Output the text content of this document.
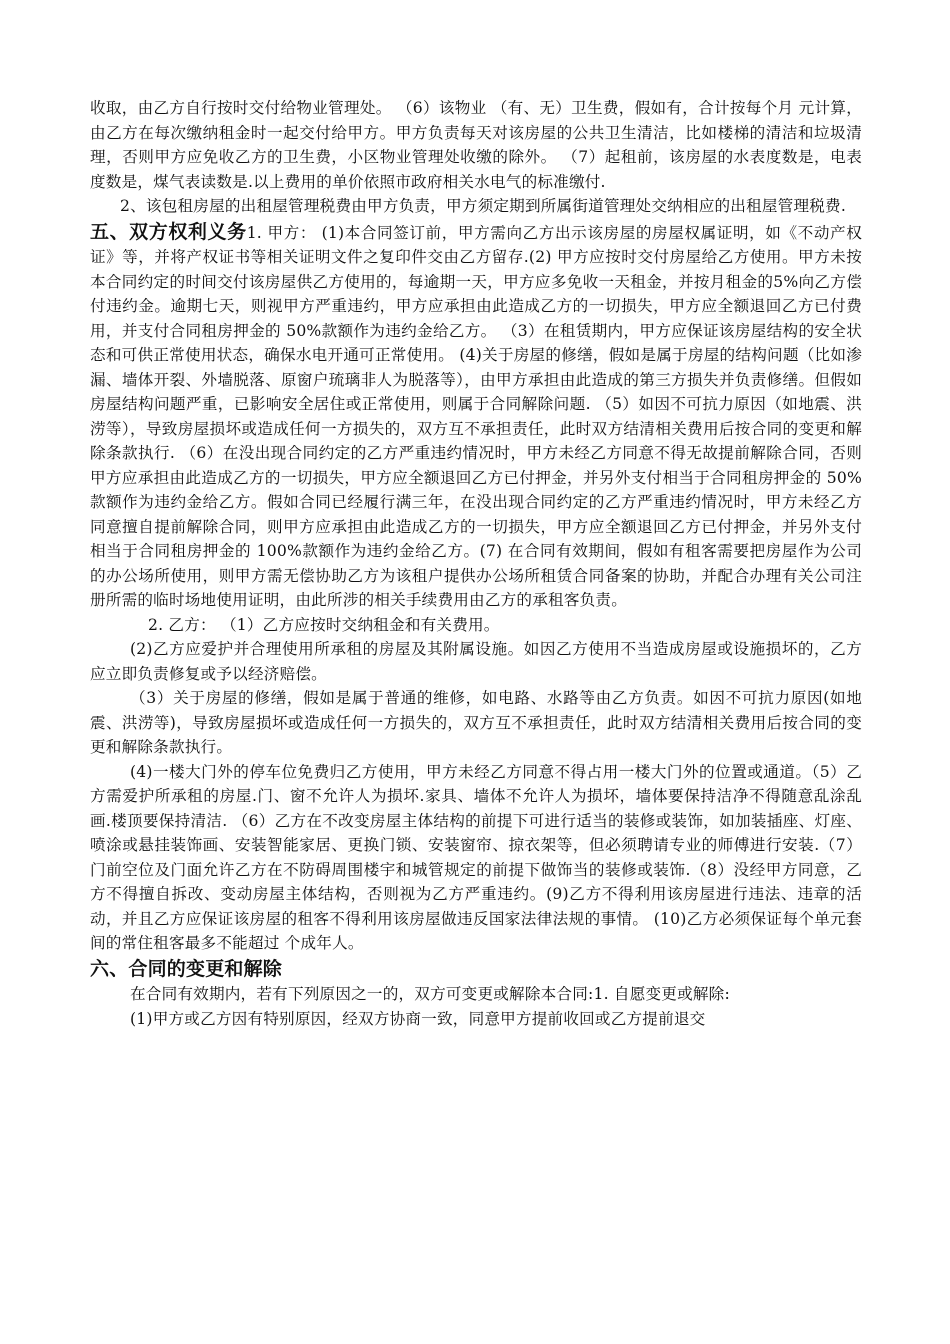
收取，由乙方自行按时交付给物业管理处。 （6）该物业 （有、无）卫生费，假如有，合计按每个月 元计算，由乙方在每次缴纳租金时一起交付给甲方。甲方负责每天对该房屋的公共卫生清洁，比如楼梯的清洁和垃圾清理，否则甲方应免收乙方的卫生费，小区物业管理处收缴的除外。 （7）起租前，该房屋的水表度数是，电表度数是，煤气表读数是.以上费用的单价依照市政府相关水电气的标准缴付.

2、该包租房屋的出租屋管理税费由甲方负责，甲方须定期到所属街道管理处交纳相应的出租屋管理税费.

五、双方权利义务1. 甲方： (1)本合同签订前，甲方需向乙方出示该房屋的房屋权属证明，如《不动产权证》等，并将产权证书等相关证明文件之复印件交由乙方留存.(2) 甲方应按时交付房屋给乙方使用。甲方未按本合同约定的时间交付该房屋供乙方使用的，每逾期一天，甲方应多免收一天租金，并按月租金的5%向乙方偿付违约金。逾期七天，则视甲方严重违约，甲方应承担由此造成乙方的一切损失，甲方应全额退回乙方已付费用，并支付合同租房押金的 50%款额作为违约金给乙方。 （3）在租赁期内，甲方应保证该房屋结构的安全状态和可供正常使用状态，确保水电开通可正常使用。 (4)关于房屋的修缮，假如是属于房屋的结构问题（比如渗漏、墙体开裂、外墙脱落、原窗户琉璃非人为脱落等），由甲方承担由此造成的第三方损失并负责修缮。但假如房屋结构问题严重，已影响安全居住或正常使用，则属于合同解除问题. （5）如因不可抗力原因（如地震、洪涝等），导致房屋损坏或造成任何一方损失的，双方互不承担责任，此时双方结清相关费用后按合同的变更和解除条款执行. （6）在没出现合同约定的乙方严重违约情况时，甲方未经乙方同意不得无故提前解除合同，否则甲方应承担由此造成乙方的一切损失，甲方应全额退回乙方已付押金，并另外支付相当于合同租房押金的 50%款额作为违约金给乙方。假如合同已经履行满三年，在没出现合同约定的乙方严重违约情况时，甲方未经乙方同意擅自提前解除合同，则甲方应承担由此造成乙方的一切损失，甲方应全额退回乙方已付押金，并另外支付相当于合同租房押金的 100%款额作为违约金给乙方。(7) 在合同有效期间，假如有租客需要把房屋作为公司的办公场所使用，则甲方需无偿协助乙方为该租户提供办公场所租赁合同备案的协助，并配合办理有关公司注册所需的临时场地使用证明，由此所涉的相关手续费用由乙方的承租客负责。

2. 乙方： （1）乙方应按时交纳租金和有关费用。

(2)乙方应爱护并合理使用所承租的房屋及其附属设施。如因乙方使用不当造成房屋或设施损坏的，乙方应立即负责修复或予以经济赔偿。

（3）关于房屋的修缮，假如是属于普通的维修，如电路、水路等由乙方负责。如因不可抗力原因(如地震、洪涝等)，导致房屋损坏或造成任何一方损失的，双方互不承担责任，此时双方结清相关费用后按合同的变更和解除条款执行。

(4)一楼大门外的停车位免费归乙方使用，甲方未经乙方同意不得占用一楼大门外的位置或通道。（5）乙方需爱护所承租的房屋.门、窗不允许人为损坏.家具、墙体不允许人为损坏，墙体要保持洁净不得随意乱涂乱画.楼顶要保持清洁. （6）乙方在不改变房屋主体结构的前提下可进行适当的装修或装饰，如加装插座、灯座、喷涂或悬挂装饰画、安装智能家居、更换门锁、安装窗帘、掠衣架等，但必须聘请专业的师傅进行安装.（7）门前空位及门面允许乙方在不防碍周围楼宇和城管规定的前提下做饰当的装修或装饰.（8）没经甲方同意，乙方不得擅自拆改、变动房屋主体结构，否则视为乙方严重违约。(9)乙方不得利用该房屋进行违法、违章的活动，并且乙方应保证该房屋的租客不得利用该房屋做违反国家法律法规的事情。 (10)乙方必须保证每个单元套间的常住租客最多不能超过 个成年人。

六、合同的变更和解除

在合同有效期内，若有下列原因之一的，双方可变更或解除本合同:1. 自愿变更或解除:

(1)甲方或乙方因有特别原因，经双方协商一致，同意甲方提前收回或乙方提前退交
